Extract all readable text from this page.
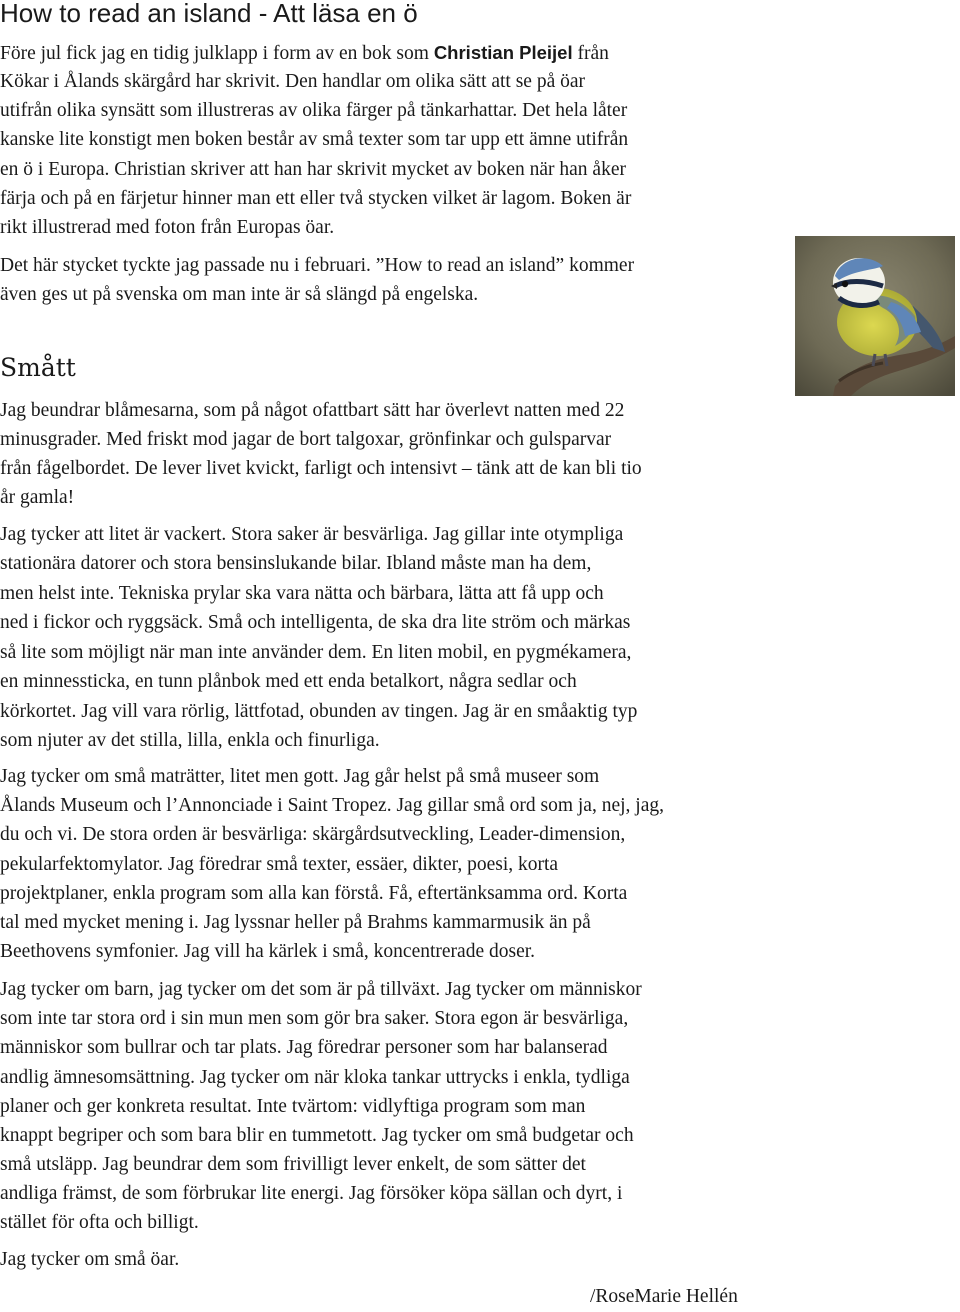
How to read an island - Att läsa en ö
Före jul fick jag en tidig julklapp i form av en bok som Christian Pleijel från
Kökar i Ålands skärgård har skrivit. Den handlar om olika sätt att se på öar
utifrån olika synsätt som illustreras av olika färger på tänkarhattar. Det hela låter
kanske lite konstigt men boken består av små texter som tar upp ett ämne utifrån
en ö i Europa. Christian skriver att han har skrivit mycket av boken när han åker
färja och på en färjetur hinner man ett eller två stycken vilket är lagom. Boken är
rikt illustrerad med foton från Europas öar.
Det här stycket tyckte jag passade nu i februari. ”How to read an island” kommer
även ges ut på svenska om man inte är så slängd på engelska.
Smått
Jag beundrar blåmesarna, som på något ofattbart sätt har överlevt natten med 22
minusgrader. Med friskt mod jagar de bort talgoxar, grönfinkar och gulsparvar
från fågelbordet. De lever livet kvickt, farligt och intensivt – tänk att de kan bli tio
år gamla!
Jag tycker att litet är vackert. Stora saker är besvärliga. Jag gillar inte otympliga
stationära datorer och stora bensinslukande bilar. Ibland måste man ha dem,
men helst inte. Tekniska prylar ska vara nätta och bärbara, lätta att få upp och
ned i fickor och ryggsäck. Små och intelligenta, de ska dra lite ström och märkas
så lite som möjligt när man inte använder dem. En liten mobil, en pygmékamera,
en minnessticka, en tunn plånbok med ett enda betalkort, några sedlar och
körkortet. Jag vill vara rörlig, lättfotad, obunden av tingen. Jag är en småaktig typ
som njuter av det stilla, lilla, enkla och finurliga.
Jag tycker om små maträtter, litet men gott. Jag går helst på små museer som
Ålands Museum och l’Annonciade i Saint Tropez. Jag gillar små ord som ja, nej, jag,
du och vi. De stora orden är besvärliga: skärgårdsutveckling, Leader-dimension,
pekularfektomylator. Jag föredrar små texter, essäer, dikter, poesi, korta
projektplaner, enkla program som alla kan förstå. Få, eftertänksamma ord. Korta
tal med mycket mening i. Jag lyssnar heller på Brahms kammarmusik än på
Beethovens symfonier. Jag vill ha kärlek i små, koncentrerade doser.
Jag tycker om barn, jag tycker om det som är på tillväxt. Jag tycker om människor
som inte tar stora ord i sin mun men som gör bra saker. Stora egon är besvärliga,
människor som bullrar och tar plats. Jag föredrar personer som har balanserad
andlig ämnesomsättning. Jag tycker om när kloka tankar uttrycks i enkla, tydliga
planer och ger konkreta resultat. Inte tvärtom: vidlyftiga program som man
knappt begriper och som bara blir en tummetott. Jag tycker om små budgetar och
små utsläpp. Jag beundrar dem som frivilligt lever enkelt, de som sätter det
andliga främst, de som förbrukar lite energi. Jag försöker köpa sällan och dyrt, i
stället för ofta och billigt.
Jag tycker om små öar.
/RoseMarie Hellén
